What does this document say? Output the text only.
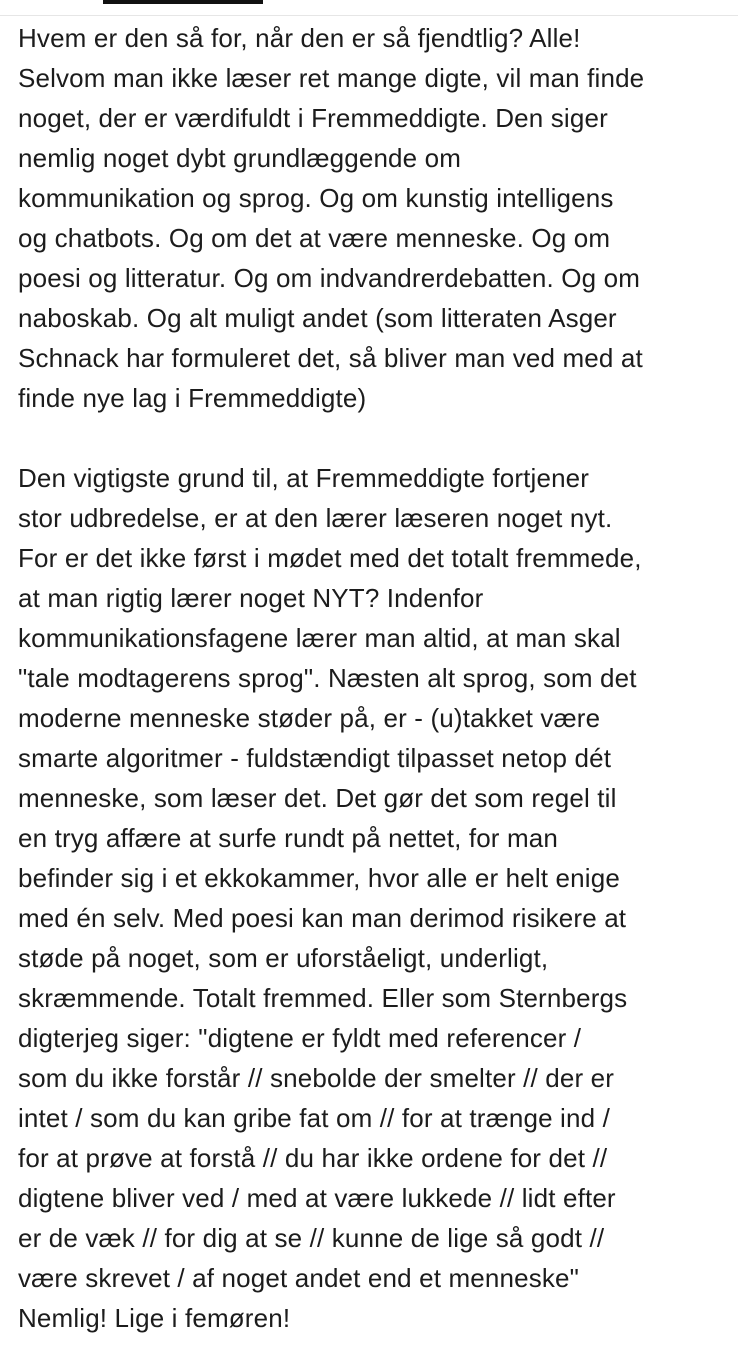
Hvem er den så for, når den er så fjendtlig? Alle!
Selvom man ikke læser ret mange digte, vil man finde
noget, der er værdifuldt i Fremmeddigte. Den siger
nemlig noget dybt grundlæggende om
kommunikation og sprog. Og om kunstig intelligens
og chatbots. Og om det at være menneske. Og om
poesi og litteratur. Og om indvandrerdebatten. Og om
naboskab. Og alt muligt andet (som litteraten Asger
Schnack har formuleret det, så bliver man ved med at
finde nye lag i Fremmeddigte)

Den vigtigste grund til, at Fremmeddigte fortjener
stor udbredelse, er at den lærer læseren noget nyt.
For er det ikke først i mødet med det totalt fremmede,
at man rigtig lærer noget NYT? Indenfor
kommunikationsfagene lærer man altid, at man skal
"tale modtagerens sprog". Næsten alt sprog, som det
moderne menneske støder på, er - (u)takket være
smarte algoritmer - fuldstændigt tilpasset netop dét
menneske, som læser det. Det gør det som regel til
en tryg affære at surfe rundt på nettet, for man
befinder sig i et ekkokammer, hvor alle er helt enige
med én selv. Med poesi kan man derimod risikere at
støde på noget, som er uforståeligt, underligt,
skræmmende. Totalt fremmed. Eller som Sternbergs
digterjeg siger: "digtene er fyldt med referencer /
som du ikke forstår // snebolde der smelter // der er
intet / som du kan gribe fat om // for at trænge ind /
for at prøve at forstå // du har ikke ordene for det //
digtene bliver ved / med at være lukkede // lidt efter
er de væk // for dig at se // kunne de lige så godt //
være skrevet / af noget andet end et menneske"
Nemlig! Lige i femøren!
